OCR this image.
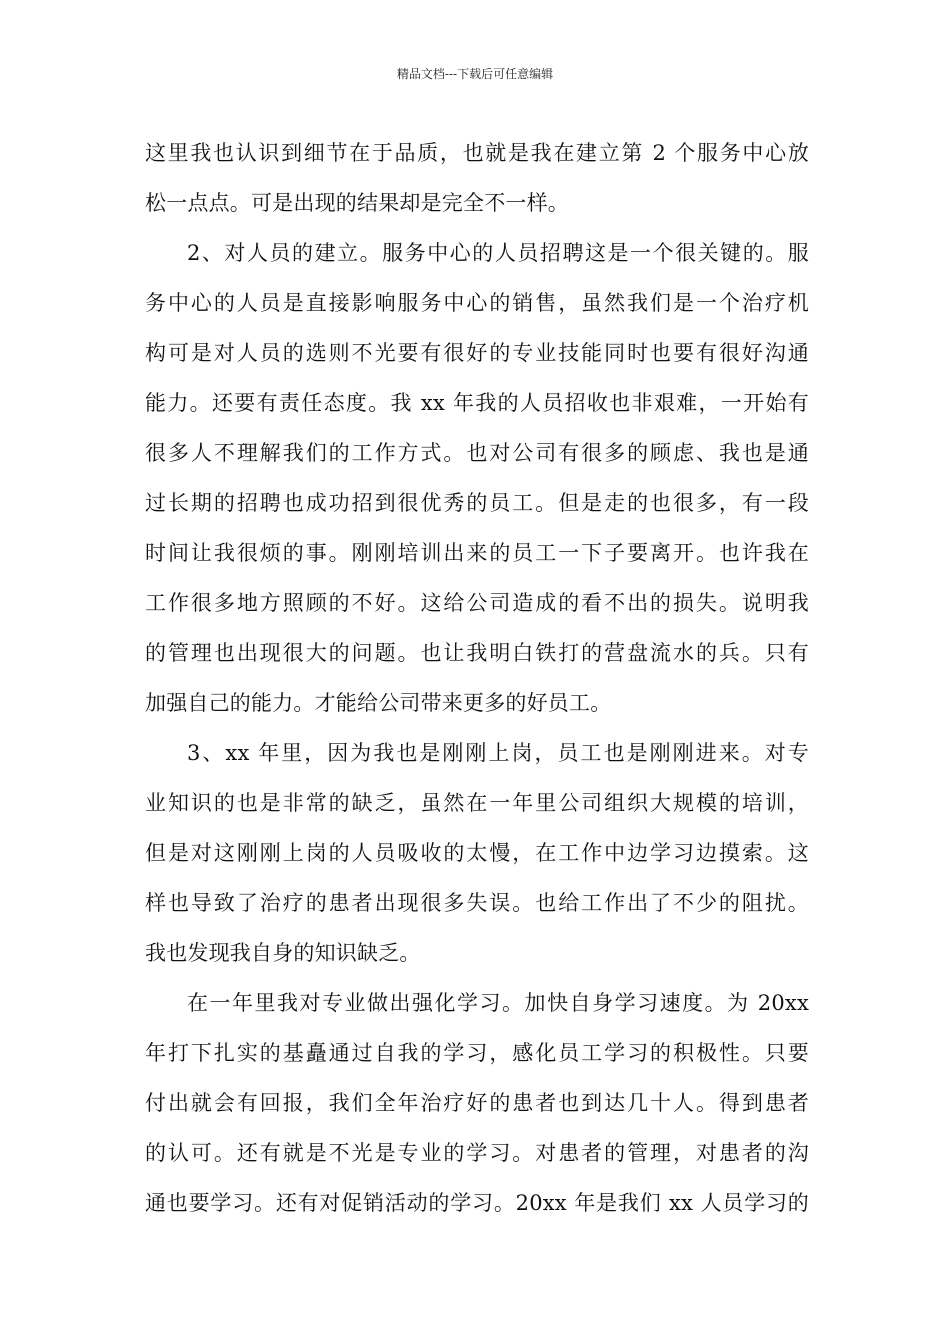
精品文档---下载后可任意编辑
这里我也认识到细节在于品质，也就是我在建立第 2 个服务中心放
松一点点。可是出现的结果却是完全不一样。
2、对人员的建立。服务中心的人员招聘这是一个很关键的。服
务中心的人员是直接影响服务中心的销售，虽然我们是一个治疗机
构可是对人员的选则不光要有很好的专业技能同时也要有很好沟通
能力。还要有责任态度。我 xx 年我的人员招收也非艰难，一开始有
很多人不理解我们的工作方式。也对公司有很多的顾虑、我也是通
过长期的招聘也成功招到很优秀的员工。但是走的也很多，有一段
时间让我很烦的事。刚刚培训出来的员工一下子要离开。也许我在
工作很多地方照顾的不好。这给公司造成的看不出的损失。说明我
的管理也出现很大的问题。也让我明白铁打的营盘流水的兵。只有
加强自己的能力。才能给公司带来更多的好员工。
3、xx 年里，因为我也是刚刚上岗，员工也是刚刚进来。对专
业知识的也是非常的缺乏，虽然在一年里公司组织大规模的培训，
但是对这刚刚上岗的人员吸收的太慢，在工作中边学习边摸索。这
样也导致了治疗的患者出现很多失误。也给工作出了不少的阻扰。
我也发现我自身的知识缺乏。
在一年里我对专业做出强化学习。加快自身学习速度。为 20xx
年打下扎实的基矗通过自我的学习，感化员工学习的积极性。只要
付出就会有回报，我们全年治疗好的患者也到达几十人。得到患者
的认可。还有就是不光是专业的学习。对患者的管理，对患者的沟
通也要学习。还有对促销活动的学习。20xx 年是我们 xx 人员学习的
